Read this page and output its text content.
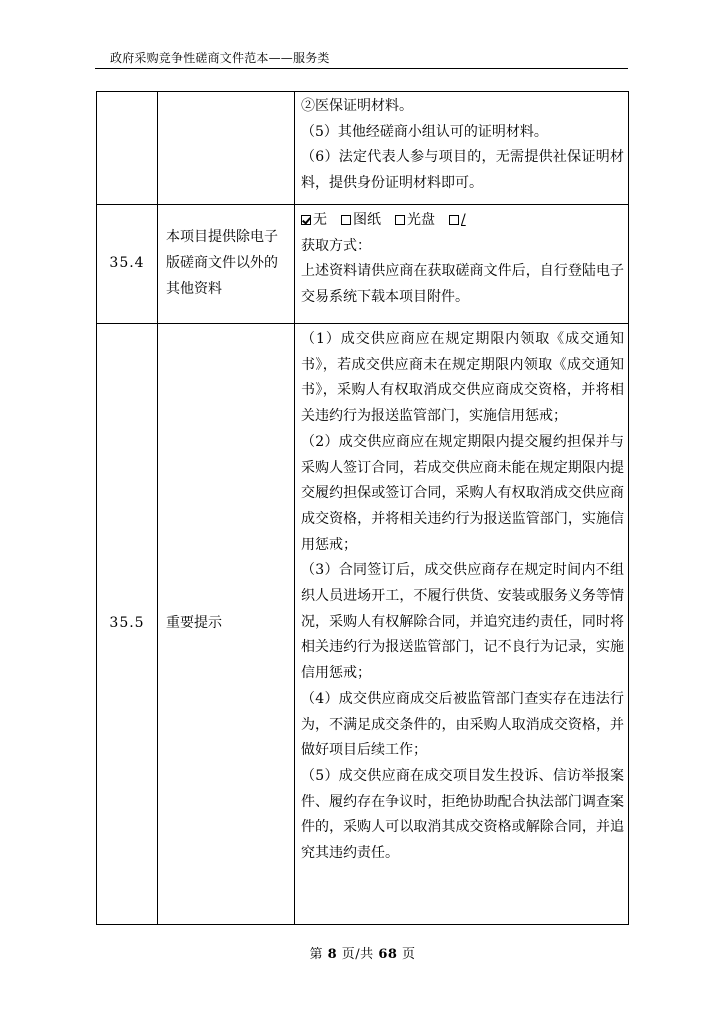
政府采购竞争性磋商文件范本——服务类

		②医保证明材料。
（5）其他经磋商小组认可的证明材料。
（6）法定代表人参与项目的，无需提供社保证明材料，提供身份证明材料即可。

35.4	本项目提供除电子版磋商文件以外的其他资料	无 图纸 光盘 /
获取方式：
上述资料请供应商在获取磋商文件后，自行登陆电子交易系统下载本项目附件。

35.5	重要提示	（1）成交供应商应在规定期限内领取《成交通知书》，若成交供应商未在规定期限内领取《成交通知书》，采购人有权取消成交供应商成交资格，并将相关违约行为报送监管部门，实施信用惩戒；
（2）成交供应商应在规定期限内提交履约担保并与采购人签订合同，若成交供应商未能在规定期限内提交履约担保或签订合同，采购人有权取消成交供应商成交资格，并将相关违约行为报送监管部门，实施信用惩戒；
（3）合同签订后，成交供应商存在规定时间内不组织人员进场开工，不履行供货、安装或服务义务等情况，采购人有权解除合同，并追究违约责任，同时将相关违约行为报送监管部门，记不良行为记录，实施信用惩戒；
（4）成交供应商成交后被监管部门查实存在违法行为，不满足成交条件的，由采购人取消成交资格，并做好项目后续工作；
（5）成交供应商在成交项目发生投诉、信访举报案件、履约存在争议时，拒绝协助配合执法部门调查案件的，采购人可以取消其成交资格或解除合同，并追究其违约责任。
第 8 页/共 68 页
